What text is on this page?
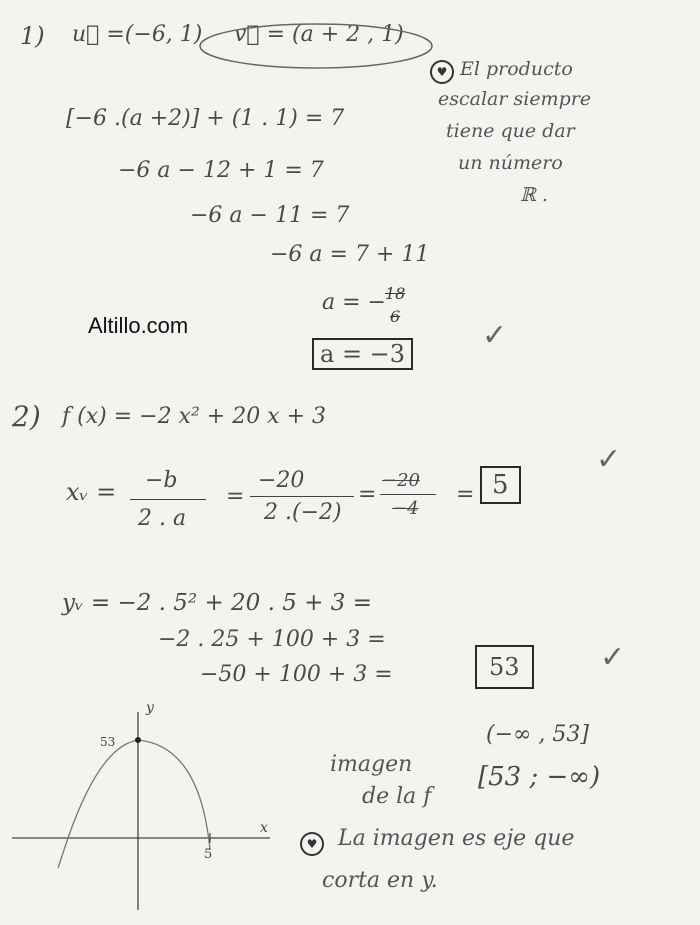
Altillo.com
1) u⃗ =(−6, 1) v⃗ = (a + 2 , 1)
[−6 .(a +2)] + (1 . 1) = 7
−6 a − 12 + 1 = 7
−6 a − 11 = 7
−6 a = 7 + 11
a = − 18
6
a = −3
✓
♥ El producto
escalar siempre
tiene que dar
un número
ℝ .
2) f (x) = −2 x² + 20 x + 3
xᵥ = −b
2 . a
=
−20
2 .(−2)
=
−20
−4
= 5
✓
yᵥ = −2 . 5² + 20 . 5 + 3 =
−2 . 25 + 100 + 3 =
−50 + 100 + 3 =	53	✓
(−∞ , 53]
imagen
de la f
[53 ; −∞)
♥ La imagen es eje que
corta en y.
y
x
53
5
